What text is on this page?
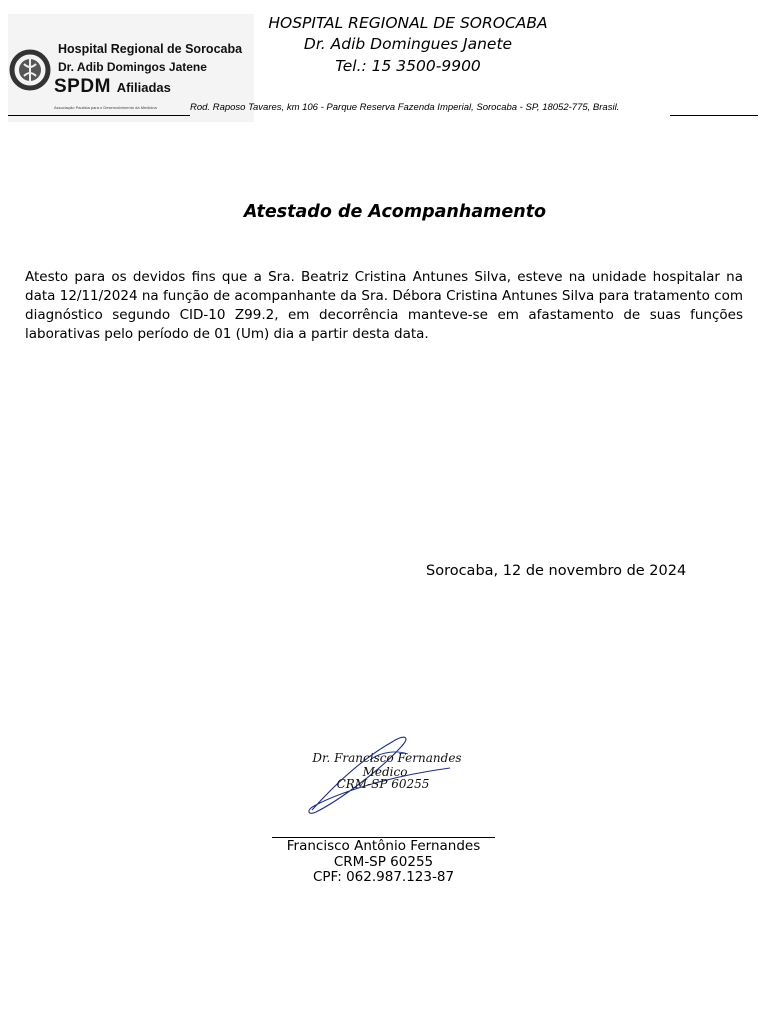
Hospital Regional de Sorocaba
Dr. Adib Domingos Jatene
SPDM Afiliadas
Associação Paulista para o Desenvolvimento da Medicina
HOSPITAL REGIONAL DE SOROCABA
Dr. Adib Domingues Janete
Tel.: 15 3500-9900
Rod. Raposo Tavares, km 106 - Parque Reserva Fazenda Imperial, Sorocaba - SP, 18052-775, Brasil.
Atestado de Acompanhamento
Atesto para os devidos fins que a Sra. Beatriz Cristina Antunes Silva, esteve na unidade hospitalar na data 12/11/2024 na função de acompanhante da Sra. Débora Cristina Antunes Silva para tratamento com diagnóstico segundo CID-10 Z99.2, em decorrência manteve-se em afastamento de suas funções laborativas pelo período de 01 (Um) dia a partir desta data.
Sorocaba, 12 de novembro de 2024
Dr. Francisco Fernandes
Medico
CRM-SP 60255
Francisco Antônio Fernandes
CRM-SP 60255
CPF: 062.987.123-87
